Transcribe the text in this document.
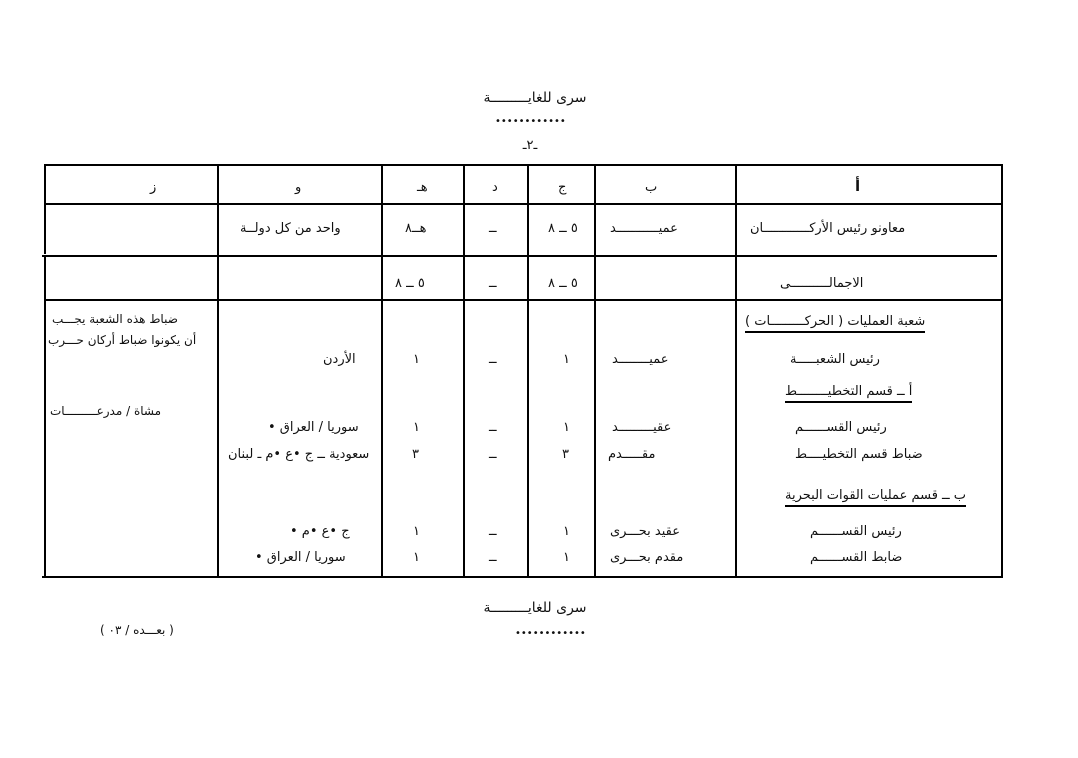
سرى للغايـــــــــة
••••••••••••
ـ٢ـ
أ
ب
ج
د
هـ
و
ز
معاونو رئيس الأركــــــــــــان
عميـــــــــــد
٥ ــ ٨
ــ
هــ٨
واحد من كل دولــة
الاجمالــــــــــى
٥ ــ ٨
ــ
٥ ــ ٨
شعبة العمليات ( الحركـــــــــات )
ضباط هذه الشعبة يجـــب
أن يكونوا ضباط أركان حـــرب
مشاة / مدرعـــــــــات
رئيس الشعبـــــة
عميــــــــد
١
ــ
١
الأردن
أ ــ قسم التخطيــــــــط
رئيس القســــــم
عقيـــــــــد
١
ــ
١
سوريا / العراق •
ضباط قسم التخطيــــط
مقـــــدم
٣
ــ
٣
سعودية ــ ج •ع •م ـ لبنان
ب ــ قسم عمليات القوات البحرية
رئيس القســــــم
عقيد بحـــرى
١
ــ
١
ج •ع •م •
ضابط القســــــم
مقدم بحـــرى
١
ــ
١
سوريا / العراق •
سرى للغايـــــــــة
••••••••••••
( بعـــده / ٠٣ )
